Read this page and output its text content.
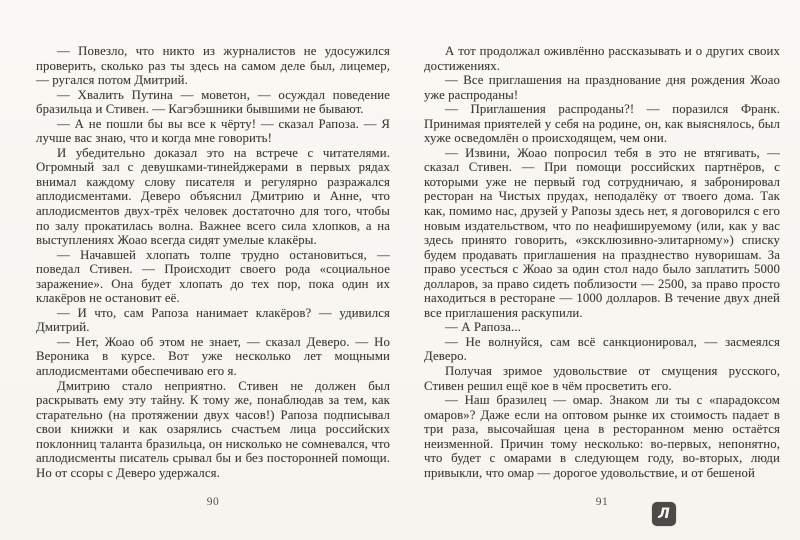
— Повезло, что никто из журналистов не удосужился проверить, сколько раз ты здесь на самом деле был, лицемер, — ругался потом Дмитрий.

— Хвалить Путина — моветон, — осуждал поведение бразильца и Стивен. — Кагэбэшники бывшими не бывают.

— А не пошли бы вы все к чёрту! — сказал Рапоза. — Я лучше вас знаю, что и когда мне говорить!

И убедительно доказал это на встрече с читателями. Огромный зал с девушками-тинейджерами в первых рядах внимал каждому слову писателя и регулярно разражался аплодисментами. Деверо объяснил Дмитрию и Анне, что аплодисментов двух-трёх человек достаточно для того, чтобы по залу прокатилась волна. Важнее всего сила хлопков, а на выступлениях Жоао всегда сидят умелые клакёры.

— Начавшей хлопать толпе трудно остановиться, — поведал Стивен. — Происходит своего рода «социальное заражение». Она будет хлопать до тех пор, пока один их клакёров не остановит её.

— И что, сам Рапоза нанимает клакёров? — удивился Дмитрий.

— Нет, Жоао об этом не знает, — сказал Деверо. — Но Вероника в курсе. Вот уже несколько лет мощными аплодисментами обеспечиваю его я.

Дмитрию стало неприятно. Стивен не должен был раскрывать ему эту тайну. К тому же, понаблюдав за тем, как старательно (на протяжении двух часов!) Рапоза подписывал свои книжки и как озарялись счастьем лица российских поклонниц таланта бразильца, он нисколько не сомневался, что аплодисменты писатель срывал бы и без посторонней помощи. Но от ссоры с Деверо удержался.

А тот продолжал оживлённо рассказывать и о других своих достижениях.

— Все приглашения на празднование дня рождения Жоао уже распроданы!

— Приглашения распроданы?! — поразился Франк. Принимая приятелей у себя на родине, он, как выяснялось, был хуже осведомлён о происходящем, чем они.

— Извини, Жоао попросил тебя в это не втягивать, — сказал Стивен. — При помощи российских партнёров, с которыми уже не первый год сотрудничаю, я забронировал ресторан на Чистых прудах, неподалёку от твоего дома. Так как, помимо нас, друзей у Рапозы здесь нет, я договорился с его новым издательством, что по неафишируемому (или, как у вас здесь принято говорить, «эксклюзивно-элитарному») списку будем продавать приглашения на празднество нуворишам. За право усесться с Жоао за один стол надо было заплатить 5000 долларов, за право сидеть поблизости — 2500, за право просто находиться в ресторане — 1000 долларов. В течение двух дней все приглашения раскупили.

— А Рапоза...

— Не волнуйся, сам всё санкционировал, — засмеялся Деверо.

Получая зримое удовольствие от смущения русского, Стивен решил ещё кое в чём просветить его.

— Наш бразилец — омар. Знаком ли ты с «парадоксом омаров»? Даже если на оптовом рынке их стоимость падает в три раза, высочайшая цена в ресторанном меню остаётся неизменной. Причин тому несколько: во-первых, непонятно, что будет с омарами в следующем году, во-вторых, люди привыкли, что омар — дорогое удовольствие, и от бешеной

90	91
Л
